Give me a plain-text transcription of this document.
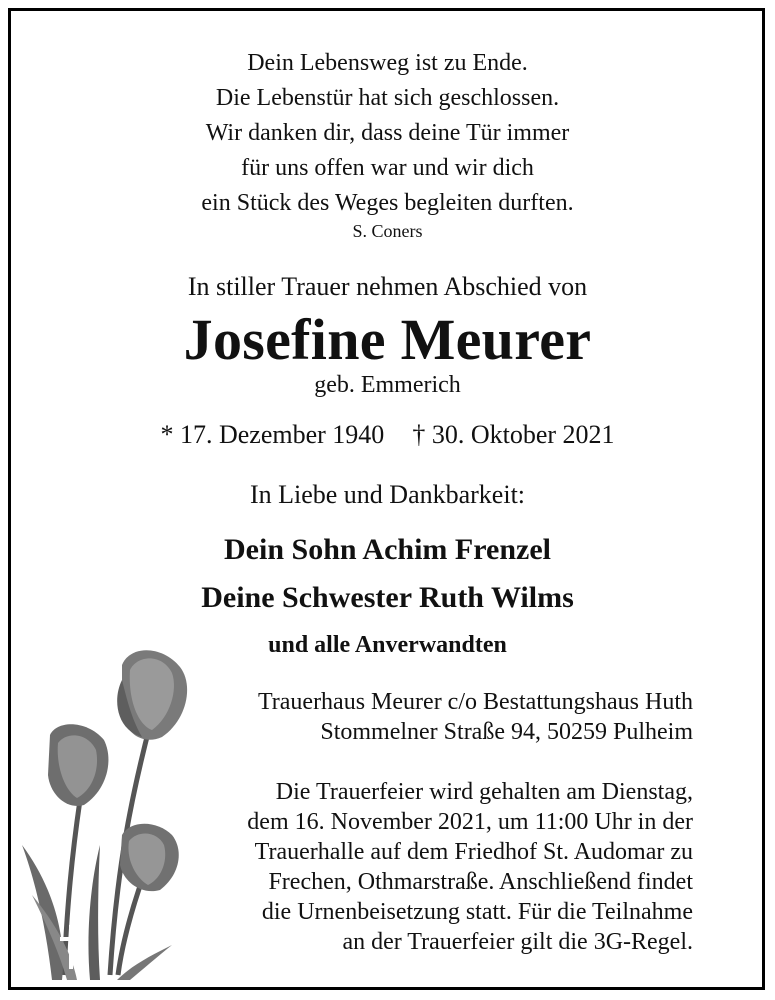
Dein Lebensweg ist zu Ende.
Die Lebenstür hat sich geschlossen.
Wir danken dir, dass deine Tür immer
für uns offen war und wir dich
ein Stück des Weges begleiten durften.
S. Coners
In stiller Trauer nehmen Abschied von
Josefine Meurer
geb. Emmerich
* 17. Dezember 1940 † 30. Oktober 2021
In Liebe und Dankbarkeit:
Dein Sohn Achim Frenzel
Deine Schwester Ruth Wilms
und alle Anverwandten
Trauerhaus Meurer c/o Bestattungshaus Huth
Stommelner Straße 94, 50259 Pulheim
Die Trauerfeier wird gehalten am Dienstag,
dem 16. November 2021, um 11:00 Uhr in der
Trauerhalle auf dem Friedhof St. Audomar zu
Frechen, Othmarstraße. Anschließend findet
die Urnenbeisetzung statt. Für die Teilnahme
an der Trauerfeier gilt die 3G-Regel.
